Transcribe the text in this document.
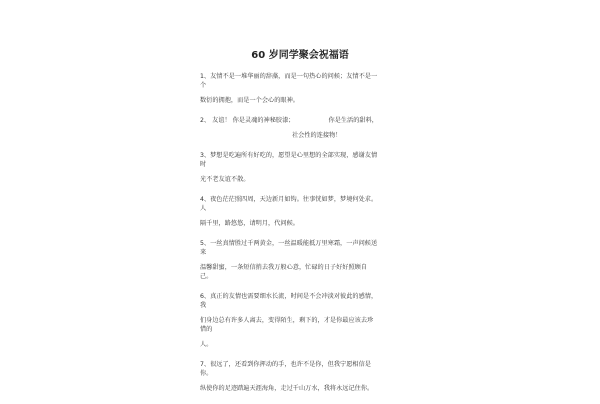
60 岁同学聚会祝福语

1、友情不是一堆华丽的辞藻，而是一句热心的问候；友情不是一个

数衍的拥抱，而是一个会心的眼神。

2、 友谊！ 你是灵魂的神秘胶漆；	你是生活的甜料，

社会性的连接物！

3、梦想是吃遍所有好吃的，愿望是心里想的全部实现，感谢友情时

光不老友谊不散。

4、夜色茫茫照四周，天边新月如钩。往事恍如梦，梦境何处求。人

隔千里，路悠悠，请明月，代问候。

5、一丝真情胜过千两黄金，一丝温暖能抵万里寒霜，一声问候送来

温馨甜蜜，一条短信捎去我万般心意，忙碌的日子好好照顾自己。

6、真正的友情也需要细水长流，时间是不会冲淡对彼此的感情，我

们身边总有许多人离去，变得陌生，剩下的，才是你最应该去珍惜的

人。

7、很远了，还看到你挥动的手，也许不是你，但我宁愿相信是你。

纵使你的足迹踏遍天涯海角，走过千山万水，我将永远记住你。
